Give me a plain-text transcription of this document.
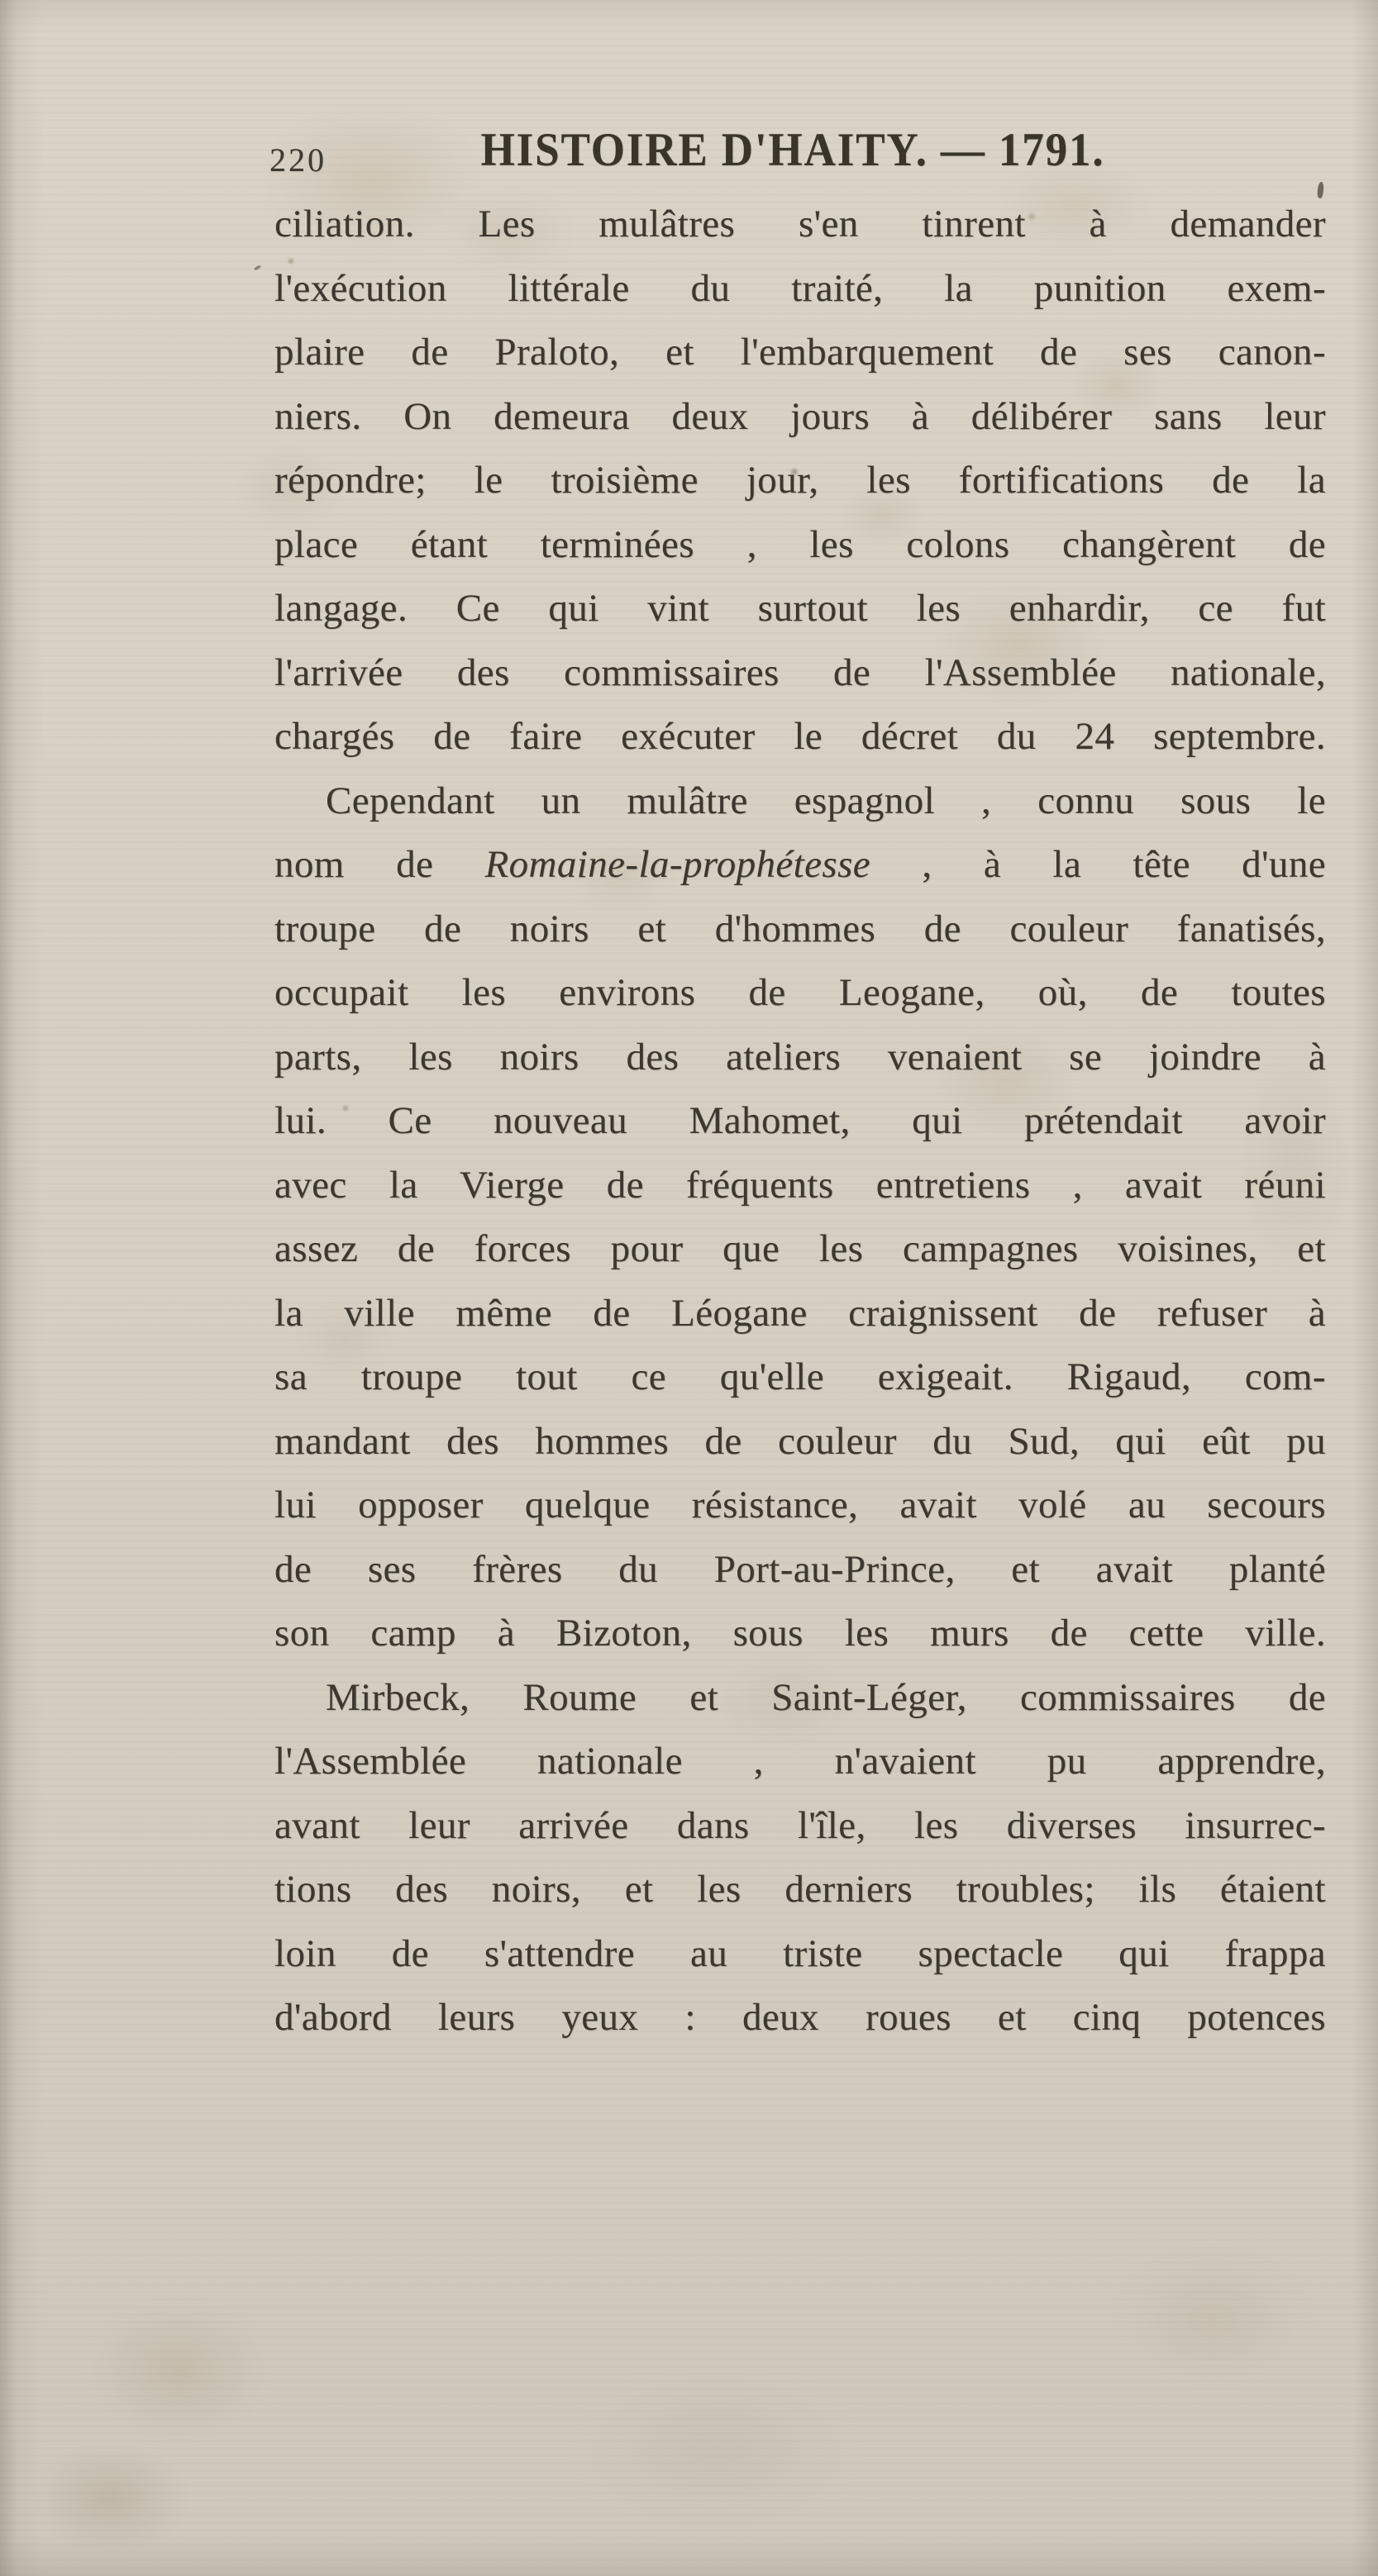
220	HISTOIRE D'HAITY. — 1791.
ciliation. Les mulâtres s'en tinrent à demander
l'exécution littérale du traité, la punition exem-
plaire de Praloto, et l'embarquement de ses canon-
niers. On demeura deux jours à délibérer sans leur
répondre; le troisième jour, les fortifications de la
place étant terminées , les colons changèrent de
langage. Ce qui vint surtout les enhardir, ce fut
l'arrivée des commissaires de l'Assemblée nationale,
chargés de faire exécuter le décret du 24 septembre.
Cependant un mulâtre espagnol , connu sous le
nom de Romaine-la-prophétesse , à la tête d'une
troupe de noirs et d'hommes de couleur fanatisés,
occupait les environs de Leogane, où, de toutes
parts, les noirs des ateliers venaient se joindre à
lui. Ce nouveau Mahomet, qui prétendait avoir
avec la Vierge de fréquents entretiens , avait réuni
assez de forces pour que les campagnes voisines, et
la ville même de Léogane craignissent de refuser à
sa troupe tout ce qu'elle exigeait. Rigaud, com-
mandant des hommes de couleur du Sud, qui eût pu
lui opposer quelque résistance, avait volé au secours
de ses frères du Port-au-Prince, et avait planté
son camp à Bizoton, sous les murs de cette ville.
Mirbeck, Roume et Saint-Léger, commissaires de
l'Assemblée nationale , n'avaient pu apprendre,
avant leur arrivée dans l'île, les diverses insurrec-
tions des noirs, et les derniers troubles; ils étaient
loin de s'attendre au triste spectacle qui frappa
d'abord leurs yeux : deux roues et cinq potences
